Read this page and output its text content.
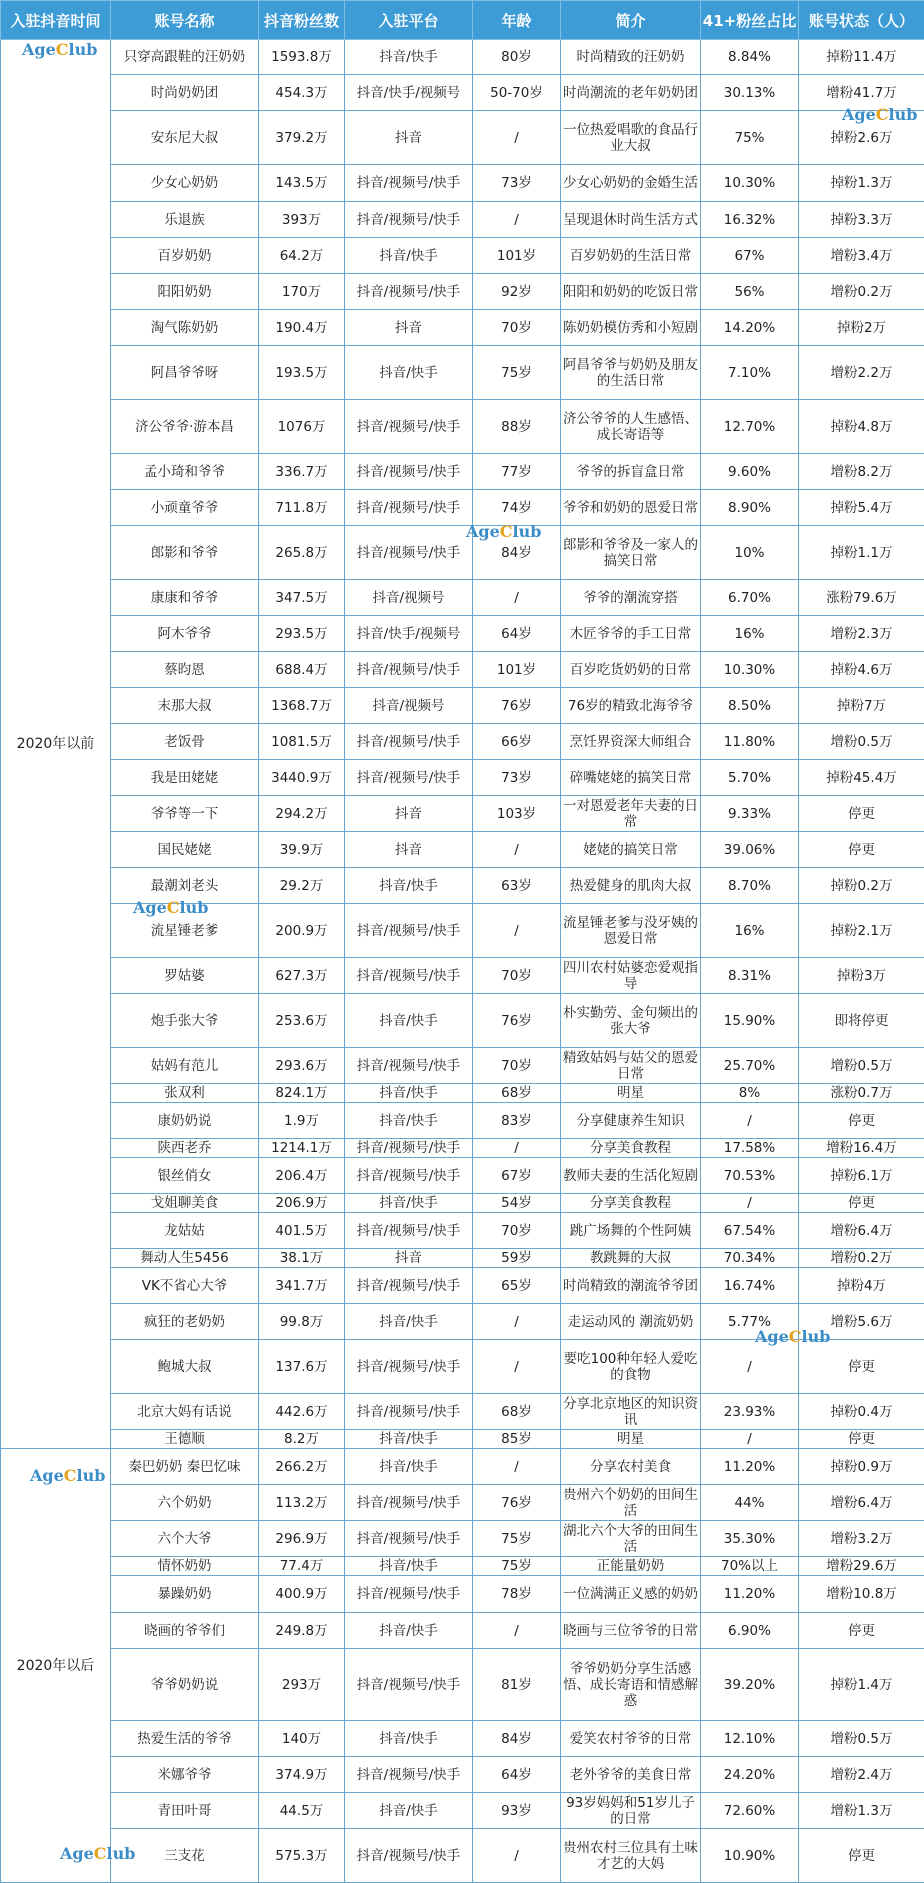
入驻抖音时间	账号名称	抖音粉丝数	入驻平台	年龄	简介	41+粉丝占比	账号状态（人）
2020年以前	只穿高跟鞋的汪奶奶	1593.8万	抖音/快手	80岁	时尚精致的汪奶奶	8.84%	掉粉11.4万
	时尚奶奶团	454.3万	抖音/快手/视频号	50-70岁	时尚潮流的老年奶奶团	30.13%	增粉41.7万
	安东尼大叔	379.2万	抖音	/	一位热爱唱歌的食品行业大叔	75%	掉粉2.6万
	少女心奶奶	143.5万	抖音/视频号/快手	73岁	少女心奶奶的金婚生活	10.30%	掉粉1.3万
	乐退族	393万	抖音/视频号/快手	/	呈现退休时尚生活方式	16.32%	掉粉3.3万
	百岁奶奶	64.2万	抖音/快手	101岁	百岁奶奶的生活日常	67%	增粉3.4万
	阳阳奶奶	170万	抖音/视频号/快手	92岁	阳阳和奶奶的吃饭日常	56%	增粉0.2万
	淘气陈奶奶	190.4万	抖音	70岁	陈奶奶模仿秀和小短剧	14.20%	掉粉2万
	阿昌爷爷呀	193.5万	抖音/快手	75岁	阿昌爷爷与奶奶及朋友的生活日常	7.10%	增粉2.2万
	济公爷爷·游本昌	1076万	抖音/视频号/快手	88岁	济公爷爷的人生感悟、成长寄语等	12.70%	掉粉4.8万
	孟小琦和爷爷	336.7万	抖音/视频号/快手	77岁	爷爷的拆盲盒日常	9.60%	增粉8.2万
	小顽童爷爷	711.8万	抖音/视频号/快手	74岁	爷爷和奶奶的恩爱日常	8.90%	掉粉5.4万
	郎影和爷爷	265.8万	抖音/视频号/快手	84岁	郎影和爷爷及一家人的搞笑日常	10%	掉粉1.1万
	康康和爷爷	347.5万	抖音/视频号	/	爷爷的潮流穿搭	6.70%	涨粉79.6万
	阿木爷爷	293.5万	抖音/快手/视频号	64岁	木匠爷爷的手工日常	16%	增粉2.3万
	蔡昀恩	688.4万	抖音/视频号/快手	101岁	百岁吃货奶奶的日常	10.30%	掉粉4.6万
	末那大叔	1368.7万	抖音/视频号	76岁	76岁的精致北海爷爷	8.50%	掉粉7万
	老饭骨	1081.5万	抖音/视频号/快手	66岁	烹饪界资深大师组合	11.80%	增粉0.5万
	我是田姥姥	3440.9万	抖音/视频号/快手	73岁	碎嘴姥姥的搞笑日常	5.70%	掉粉45.4万
	爷爷等一下	294.2万	抖音	103岁	一对恩爱老年夫妻的日常	9.33%	停更
	国民姥姥	39.9万	抖音	/	姥姥的搞笑日常	39.06%	停更
	最潮刘老头	29.2万	抖音/快手	63岁	热爱健身的肌肉大叔	8.70%	掉粉0.2万
	流星锤老爹	200.9万	抖音/视频号/快手	/	流星锤老爹与没牙姨的恩爱日常	16%	掉粉2.1万
	罗姑婆	627.3万	抖音/视频号/快手	70岁	四川农村姑婆恋爱观指导	8.31%	掉粉3万
	炮手张大爷	253.6万	抖音/快手	76岁	朴实勤劳、金句频出的张大爷	15.90%	即将停更
	姑妈有范儿	293.6万	抖音/视频号/快手	70岁	精致姑妈与姑父的恩爱日常	25.70%	增粉0.5万
	张双利	824.1万	抖音/快手	68岁	明星	8%	涨粉0.7万
	康奶奶说	1.9万	抖音/快手	83岁	分享健康养生知识	/	停更
	陕西老乔	1214.1万	抖音/视频号/快手	/	分享美食教程	17.58%	增粉16.4万
	银丝俏女	206.4万	抖音/视频号/快手	67岁	教师夫妻的生活化短剧	70.53%	掉粉6.1万
	戈姐聊美食	206.9万	抖音/快手	54岁	分享美食教程	/	停更
	龙姑姑	401.5万	抖音/视频号/快手	70岁	跳广场舞的个性阿姨	67.54%	增粉6.4万
	舞动人生5456	38.1万	抖音	59岁	教跳舞的大叔	70.34%	增粉0.2万
	VK不省心大爷	341.7万	抖音/视频号/快手	65岁	时尚精致的潮流爷爷团	16.74%	掉粉4万
	疯狂的老奶奶	99.8万	抖音/快手	/	走运动风的 潮流奶奶	5.77%	增粉5.6万
	鲍城大叔	137.6万	抖音/视频号/快手	/	要吃100种年轻人爱吃的食物	/	停更
	北京大妈有话说	442.6万	抖音/视频号/快手	68岁	分享北京地区的知识资讯	23.93%	掉粉0.4万
	王德顺	8.2万	抖音/快手	85岁	明星	/	停更
2020年以后	秦巴奶奶 秦巴忆味	266.2万	抖音/快手	/	分享农村美食	11.20%	掉粉0.9万
	六个奶奶	113.2万	抖音/视频号/快手	76岁	贵州六个奶奶的田间生活	44%	增粉6.4万
	六个大爷	296.9万	抖音/视频号/快手	75岁	湖北六个大爷的田间生活	35.30%	增粉3.2万
	情怀奶奶	77.4万	抖音/快手	75岁	正能量奶奶	70%以上	增粉29.6万
	暴躁奶奶	400.9万	抖音/视频号/快手	78岁	一位满满正义感的奶奶	11.20%	增粉10.8万
	晓画的爷爷们	249.8万	抖音/快手	/	晓画与三位爷爷的日常	6.90%	停更
	爷爷奶奶说	293万	抖音/视频号/快手	81岁	爷爷奶奶分享生活感悟、成长寄语和情感解惑	39.20%	掉粉1.4万
	热爱生活的爷爷	140万	抖音/快手	84岁	爱笑农村爷爷的日常	12.10%	增粉0.5万
	米娜爷爷	374.9万	抖音/视频号/快手	64岁	老外爷爷的美食日常	24.20%	增粉2.4万
	青田叶哥	44.5万	抖音/快手	93岁	93岁妈妈和51岁儿子的日常	72.60%	增粉1.3万
	三支花	575.3万	抖音/视频号/快手	/	贵州农村三位具有土味才艺的大妈	10.90%	停更
AgeClub
AgeClub
AgeClub
AgeClub
AgeClub
AgeClub
AgeClub
